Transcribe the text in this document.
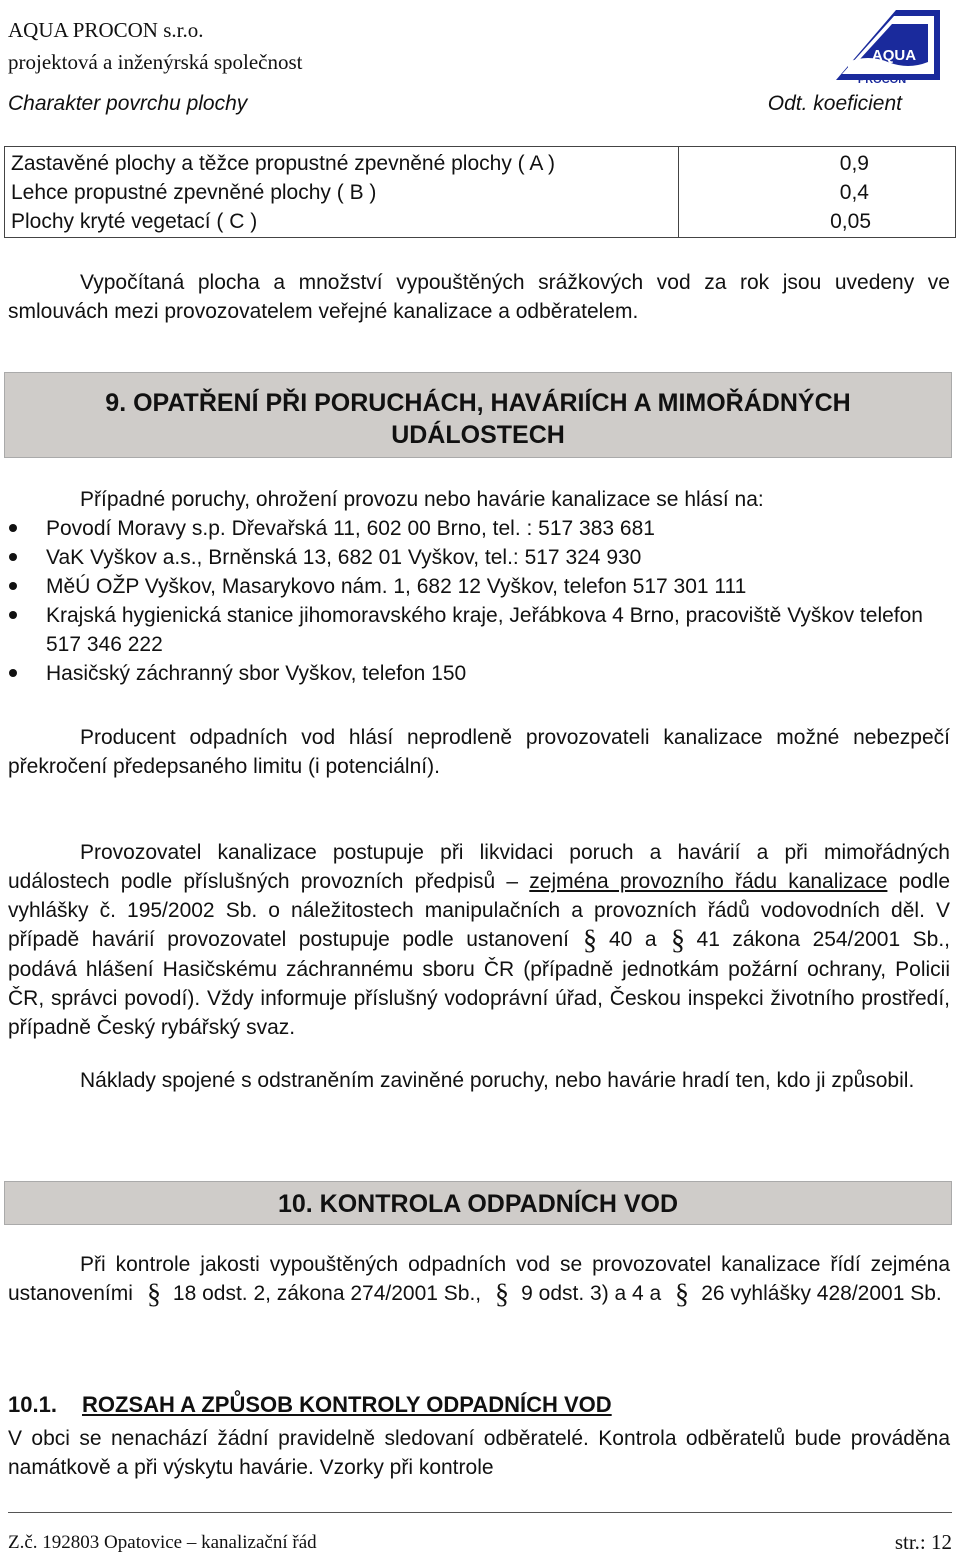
AQUA PROCON s.r.o.
projektová a inženýrská společnost	AQUA
PROCON
Charakter povrchu plochy	Odt. koeficient
Zastavěné plochy a těžce propustné zpevněné plochy ( A )	0,9
Lehce propustné zpevněné plochy ( B )	0,4
Plochy kryté vegetací ( C )	0,05

Vypočítaná plocha a množství vypouštěných srážkových vod za rok jsou uvedeny ve smlouvách mezi provozovatelem veřejné kanalizace a odběratelem.

9. OPATŘENÍ PŘI PORUCHÁCH, HAVÁRIÍCH A MIMOŘÁDNÝCH
UDÁLOSTECH

Případné poruchy, ohrožení provozu nebo havárie kanalizace se hlásí na:

Povodí Moravy s.p. Dřevařská 11, 602 00 Brno, tel. : 517 383 681
VaK Vyškov a.s., Brněnská 13, 682 01 Vyškov, tel.: 517 324 930
MěÚ OŽP Vyškov, Masarykovo nám. 1, 682 12 Vyškov, telefon 517 301 111
Krajská hygienická stanice jihomoravského kraje, Jeřábkova 4 Brno, pracoviště Vyškov telefon 517 346 222
Hasičský záchranný sbor Vyškov, telefon 150

Producent odpadních vod hlásí neprodleně provozovateli kanalizace možné nebezpečí překročení předepsaného limitu (i potenciální).

Provozovatel kanalizace postupuje při likvidaci poruch a havárií a při mimořádných událostech podle příslušných provozních předpisů – zejména provozního řádu kanalizace podle vyhlášky č. 195/2002 Sb. o náležitostech manipulačních a provozních řádů vodovodních děl. V případě havárií provozovatel postupuje podle ustanovení § 40 a § 41 zákona 254/2001 Sb., podává hlášení Hasičskému záchrannému sboru ČR (případně jednotkám požární ochrany, Policii ČR, správci povodí). Vždy informuje příslušný vodoprávní úřad, Českou inspekci životního prostředí, případně Český rybářský svaz.

Náklady spojené s odstraněním zaviněné poruchy, nebo havárie hradí ten, kdo ji způsobil.

10. KONTROLA ODPADNÍCH VOD

Při kontrole jakosti vypouštěných odpadních vod se provozovatel kanalizace řídí zejména ustanoveními § 18 odst. 2, zákona 274/2001 Sb., § 9 odst. 3) a 4 a § 26 vyhlášky 428/2001 Sb.

10.1. ROZSAH A ZPŮSOB KONTROLY ODPADNÍCH VOD

V obci se nenachází žádní pravidelně sledovaní odběratelé. Kontrola odběratelů bude prováděna namátkově a při výskytu havárie. Vzorky při kontrole

Z.č. 192803 Opatovice – kanalizační řád	str.: 12
